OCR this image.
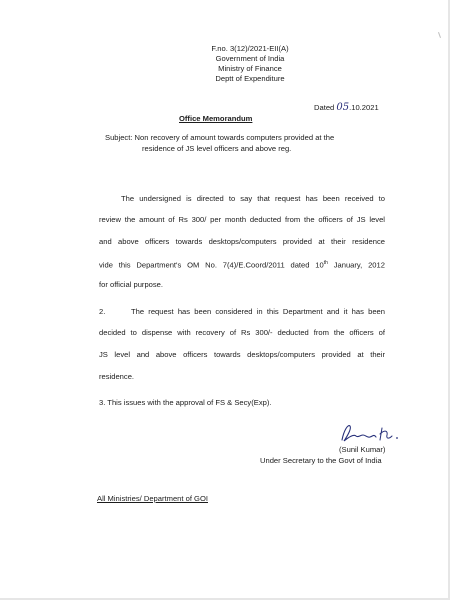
F.no. 3(12)/2021-EII(A)
Government of India
Ministry of Finance
Deptt of Expenditure
Dated 05.10.2021
Office Memorandum
Subject: Non recovery of amount towards computers provided at the
residence of JS level officers and above reg.
The undersigned is directed to say that request has been received to
review the amount of Rs 300/ per month deducted from the officers of JS level
and above officers towards desktops/computers provided at their residence
vide this Department's OM No. 7(4)/E.Coord/2011 dated 10th January, 2012
for official purpose.
2.	The request has been considered in this Department and it has been
decided to dispense with recovery of Rs 300/- deducted from the officers of
JS level and above officers towards desktops/computers provided at their
residence.
3. This issues with the approval of FS & Secy(Exp).
(Sunil Kumar)
Under Secretary to the Govt of India
All Ministries/ Department of GOI
